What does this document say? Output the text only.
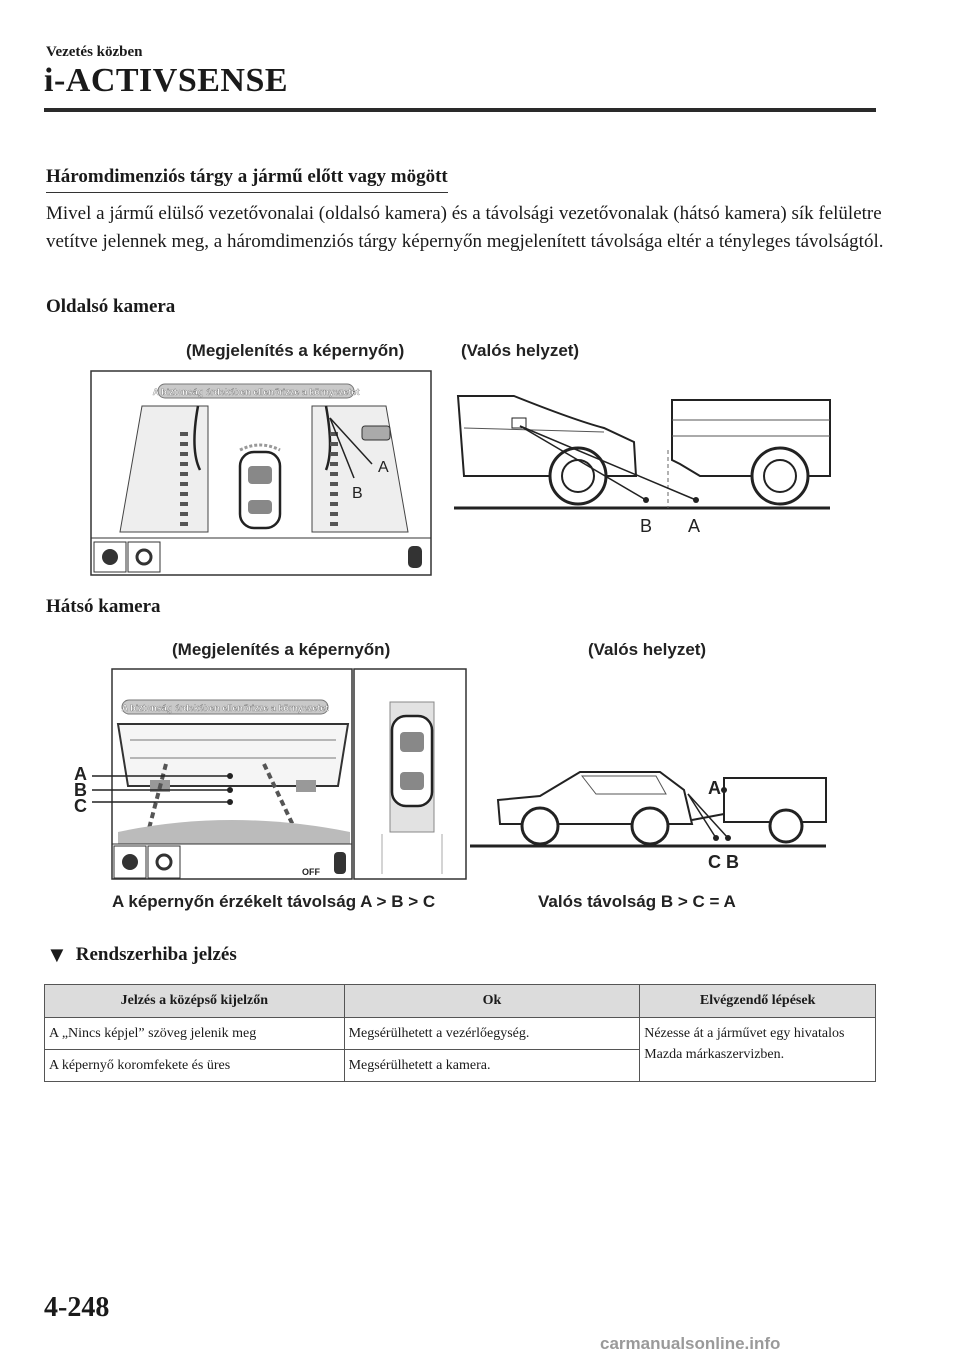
Vezetés közben
i-ACTIVSENSE
Háromdimenziós tárgy a jármű előtt vagy mögött
Mivel a jármű elülső vezetővonalai (oldalsó kamera) és a távolsági vezetővonalak (hátsó kamera) sík felületre vetítve jelennek meg, a háromdimenziós tárgy képernyőn megjelenített távolsága eltér a tényleges távolságtól.
Oldalsó kamera
(Megjelenítés a képernyőn)	(Valós helyzet)
A biztonság érdekében ellenőrizze a környezetet
A
B
B A
Hátsó kamera
(Megjelenítés a képernyőn)	(Valós helyzet)
A biztonság érdekében ellenőrizze a környezetet
A
B
C
OFF
A
C B
A képernyőn érzékelt távolság A > B > C	Valós távolság B > C = A
▼ Rendszerhiba jelzés
Jelzés a középső kijelzőn	Ok	Elvégzendő lépések
A „Nincs képjel” szöveg jelenik meg	Megsérülhetett a vezérlőegység.	Nézesse át a járművet egy hivatalos Mazda márkaszervizben.
A képernyő koromfekete és üres	Megsérülhetett a kamera.	
4-248
carmanualsonline.info
